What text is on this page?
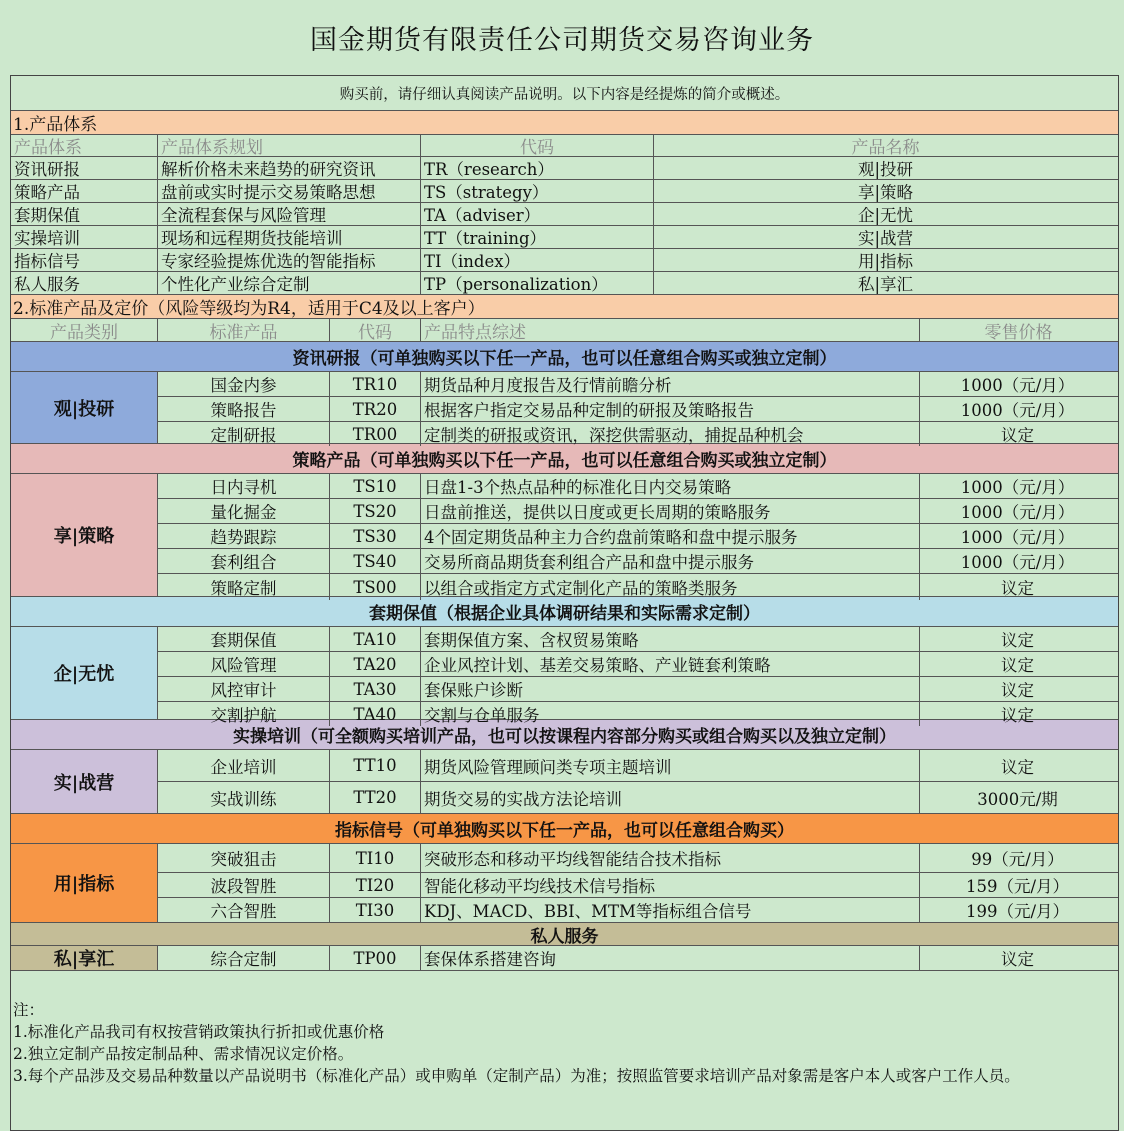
国金期货有限责任公司期货交易咨询业务
购买前，请仔细认真阅读产品说明。以下内容是经提炼的简介或概述。
1.产品体系
产品体系	产品体系规划	代码	产品名称
资讯研报	解析价格未来趋势的研究资讯	TR（research）	观|投研
策略产品	盘前或实时提示交易策略思想	TS（strategy）	享|策略
套期保值	全流程套保与风险管理	TA（adviser）	企|无忧
实操培训	现场和远程期货技能培训	TT（training）	实|战营
指标信号	专家经验提炼优选的智能指标	TI（index）	用|指标
私人服务	个性化产业综合定制	TP（personalization）	私|享汇
2.标准产品及定价（风险等级均为R4，适用于C4及以上客户）
产品类别	标准产品	代码	产品特点综述	零售价格
资讯研报（可单独购买以下任一产品，也可以任意组合购买或独立定制）
观|投研
国金内参	TR10	期货品种月度报告及行情前瞻分析	1000（元/月）
策略报告	TR20	根据客户指定交易品种定制的研报及策略报告	1000（元/月）
定制研报	TR00	定制类的研报或资讯，深挖供需驱动，捕捉品种机会	议定
策略产品（可单独购买以下任一产品，也可以任意组合购买或独立定制）
享|策略
日内寻机	TS10	日盘1-3个热点品种的标准化日内交易策略	1000（元/月）
量化掘金	TS20	日盘前推送，提供以日度或更长周期的策略服务	1000（元/月）
趋势跟踪	TS30	4个固定期货品种主力合约盘前策略和盘中提示服务	1000（元/月）
套利组合	TS40	交易所商品期货套利组合产品和盘中提示服务	1000（元/月）
策略定制	TS00	以组合或指定方式定制化产品的策略类服务	议定
套期保值（根据企业具体调研结果和实际需求定制）
企|无忧
套期保值	TA10	套期保值方案、含权贸易策略	议定
风险管理	TA20	企业风控计划、基差交易策略、产业链套利策略	议定
风控审计	TA30	套保账户诊断	议定
交割护航	TA40	交割与仓单服务	议定
实操培训（可全额购买培训产品，也可以按课程内容部分购买或组合购买以及独立定制）
实|战营
企业培训	TT10	期货风险管理顾问类专项主题培训	议定
实战训练	TT20	期货交易的实战方法论培训	3000元/期
指标信号（可单独购买以下任一产品，也可以任意组合购买）
用|指标
突破狙击	TI10	突破形态和移动平均线智能结合技术指标	99（元/月）
波段智胜	TI20	智能化移动平均线技术信号指标	159（元/月）
六合智胜	TI30	KDJ、MACD、BBI、MTM等指标组合信号	199（元/月）
私人服务
私|享汇	综合定制	TP00	套保体系搭建咨询	议定
注：
1.标准化产品我司有权按营销政策执行折扣或优惠价格
2.独立定制产品按定制品种、需求情况议定价格。
3.每个产品涉及交易品种数量以产品说明书（标准化产品）或申购单（定制产品）为准；按照监管要求培训产品对象需是客户本人或客户工作人员。
